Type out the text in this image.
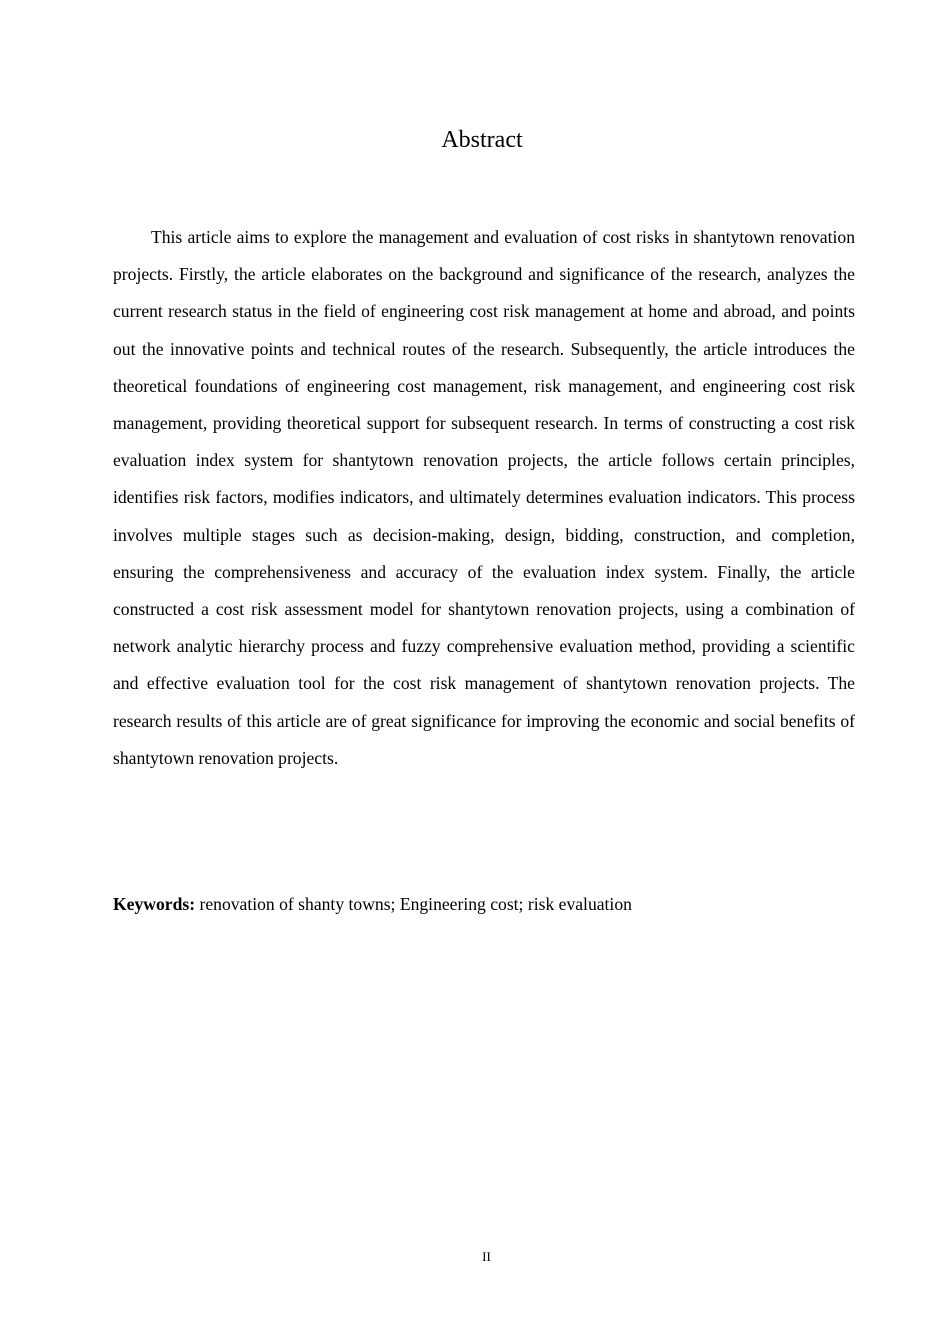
Abstract

This article aims to explore the management and evaluation of cost risks in shantytown renovation projects. Firstly, the article elaborates on the background and significance of the research, analyzes the current research status in the field of engineering cost risk management at home and abroad, and points out the innovative points and technical routes of the research. Subsequently, the article introduces the theoretical foundations of engineering cost management, risk management, and engineering cost risk management, providing theoretical support for subsequent research. In terms of constructing a cost risk evaluation index system for shantytown renovation projects, the article follows certain principles, identifies risk factors, modifies indicators, and ultimately determines evaluation indicators. This process involves multiple stages such as decision-making, design, bidding, construction, and completion, ensuring the comprehensiveness and accuracy of the evaluation index system. Finally, the article constructed a cost risk assessment model for shantytown renovation projects, using a combination of network analytic hierarchy process and fuzzy comprehensive evaluation method, providing a scientific and effective evaluation tool for the cost risk management of shantytown renovation projects. The research results of this article are of great significance for improving the economic and social benefits of shantytown renovation projects.

Keywords: renovation of shanty towns; Engineering cost; risk evaluation

II
